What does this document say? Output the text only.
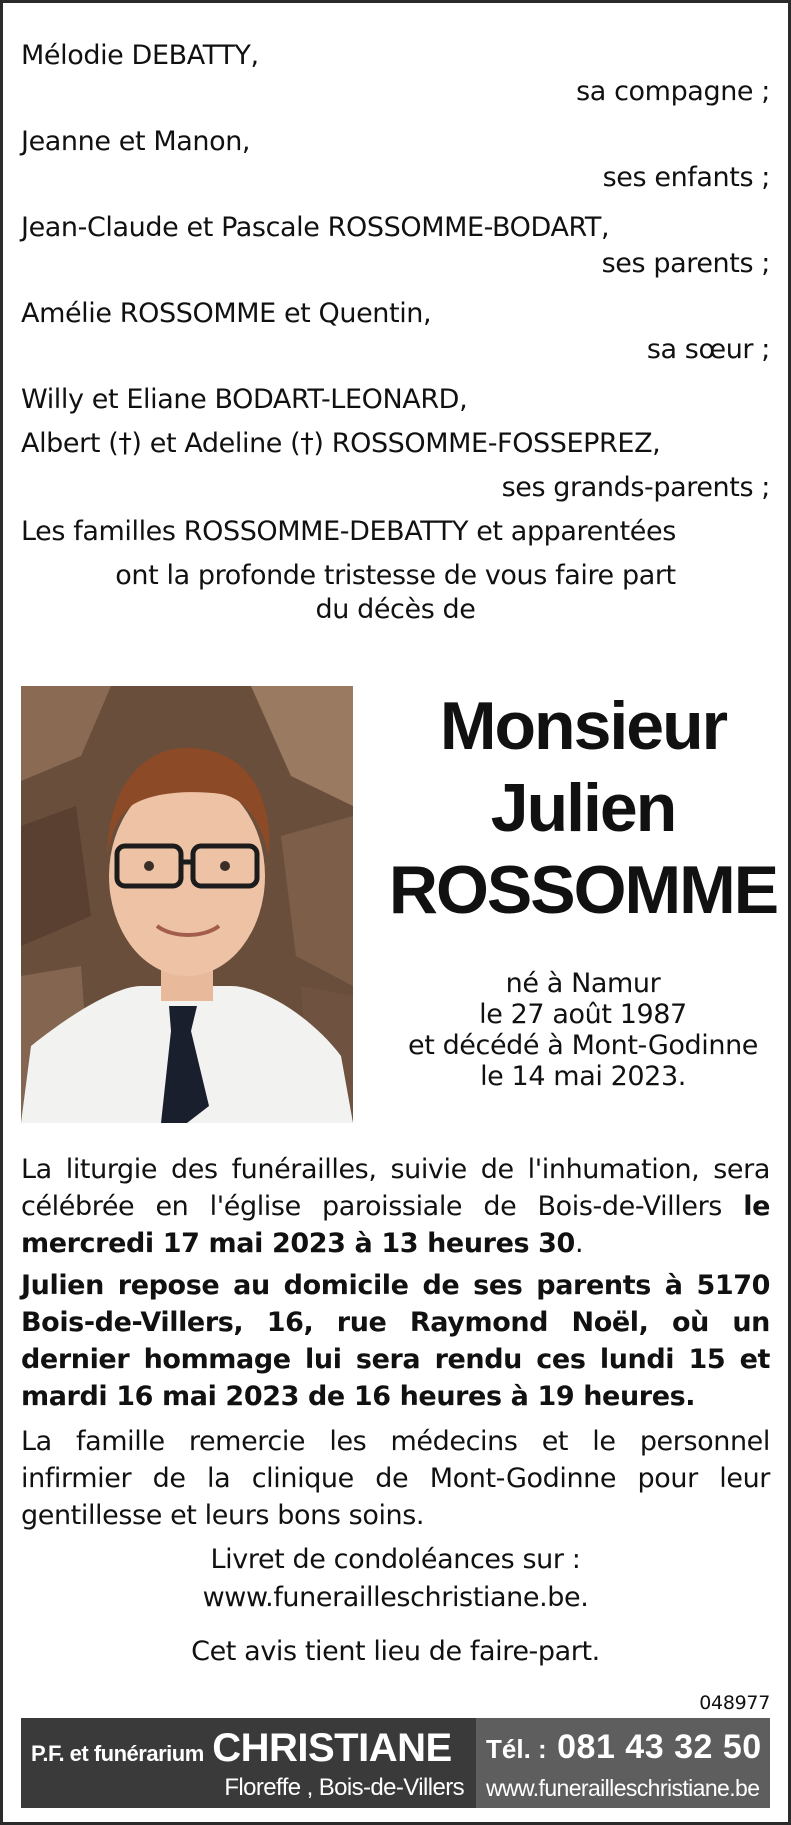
Mélodie DEBATTY,
sa compagne ;
Jeanne et Manon,
ses enfants ;
Jean-Claude et Pascale ROSSOMME-BODART,
ses parents ;
Amélie ROSSOMME et Quentin,
sa sœur ;
Willy et Eliane BODART-LEONARD,
Albert (†) et Adeline (†) ROSSOMME-FOSSEPREZ,
ses grands-parents ;
Les familles ROSSOMME-DEBATTY et apparentées
ont la profonde tristesse de vous faire part
du décès de
Monsieur
Julien
ROSSOMME
né à Namur
le 27 août 1987
et décédé à Mont-Godinne
le 14 mai 2023.
La liturgie des funérailles, suivie de l'inhumation, sera célébrée en l'église paroissiale de Bois-de-Villers le mercredi 17 mai 2023 à 13 heures 30.
Julien repose au domicile de ses parents à 5170 Bois-de-Villers, 16, rue Raymond Noël, où un dernier hommage lui sera rendu ces lundi 15 et mardi 16 mai 2023 de 16 heures à 19 heures.
La famille remercie les médecins et le personnel infirmier de la clinique de Mont-Godinne pour leur gentillesse et leurs bons soins.
Livret de condoléances sur :
www.funerailleschristiane.be.
Cet avis tient lieu de faire-part.
048977
P.F. et funérarium CHRISTIANE
Floreffe , Bois-de-Villers
Tél. : 081 43 32 50
www.funerailleschristiane.be
